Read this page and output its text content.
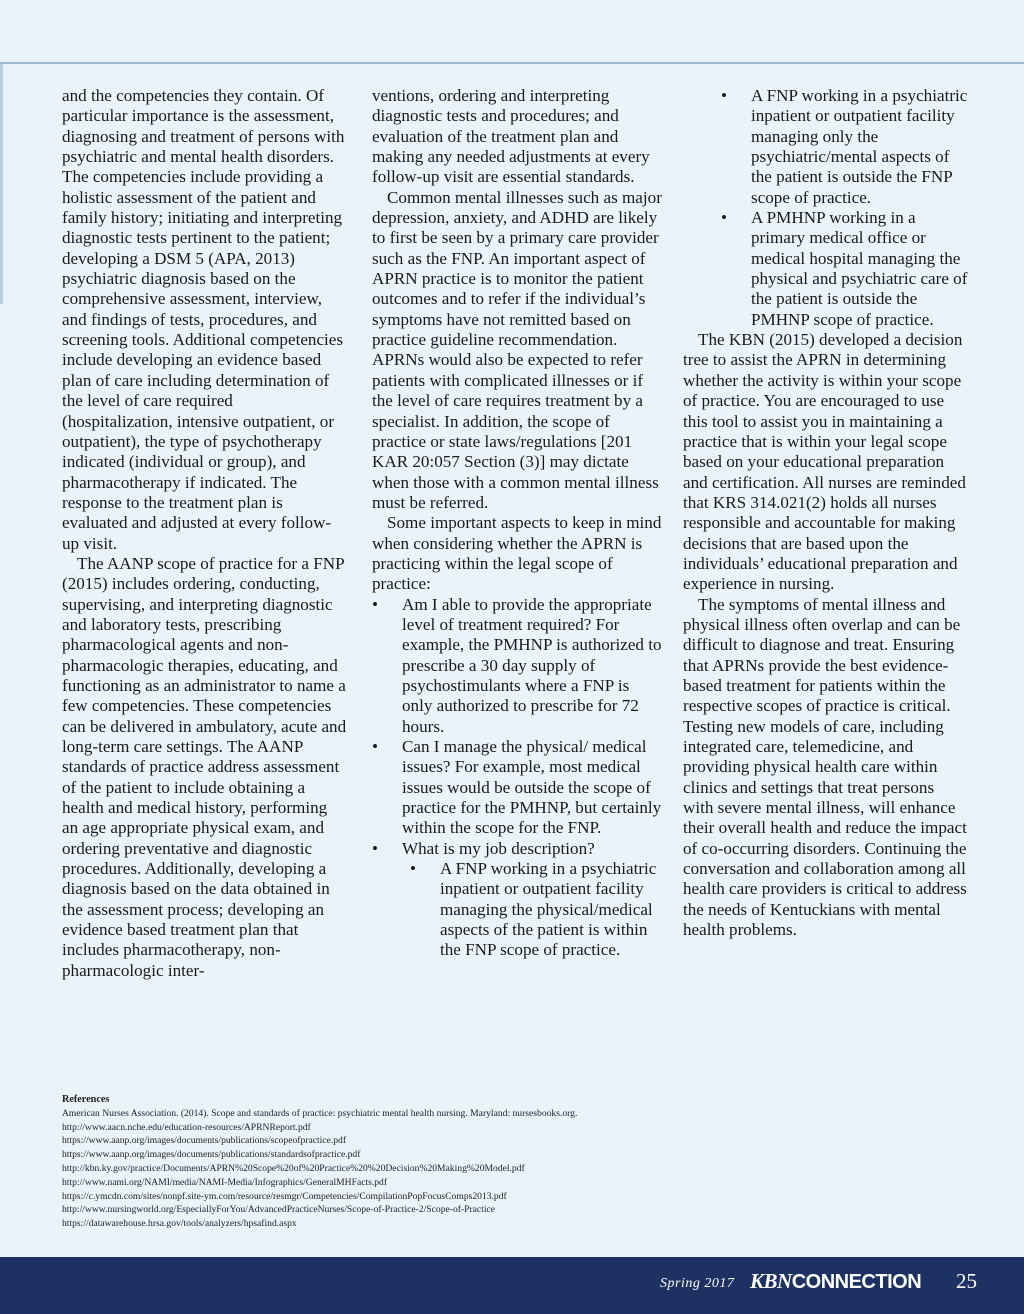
and the competencies they contain. Of particular importance is the assessment, diagnosing and treatment of persons with psychiatric and mental health disorders. The competencies include providing a holistic assessment of the patient and family history; initiating and interpreting diagnostic tests pertinent to the patient; developing a DSM 5 (APA, 2013) psychiatric diagnosis based on the comprehensive assessment, interview, and findings of tests, procedures, and screening tools. Additional competencies include developing an evidence based plan of care including determination of the level of care required (hospitalization, intensive outpatient, or outpatient), the type of psychotherapy indicated (individual or group), and pharmacotherapy if indicated. The response to the treatment plan is evaluated and adjusted at every follow-up visit.

The AANP scope of practice for a FNP (2015) includes ordering, conducting, supervising, and interpreting diagnostic and laboratory tests, prescribing pharmacological agents and non-pharmacologic therapies, educating, and functioning as an administrator to name a few competencies. These competencies can be delivered in ambulatory, acute and long-term care settings. The AANP standards of practice address assessment of the patient to include obtaining a health and medical history, performing an age appropriate physical exam, and ordering preventative and diagnostic procedures. Additionally, developing a diagnosis based on the data obtained in the assessment process; developing an evidence based treatment plan that includes pharmacotherapy, non-pharmacologic inter-

ventions, ordering and interpreting diagnostic tests and procedures; and evaluation of the treatment plan and making any needed adjustments at every follow-up visit are essential standards.

Common mental illnesses such as major depression, anxiety, and ADHD are likely to first be seen by a primary care provider such as the FNP. An important aspect of APRN practice is to monitor the patient outcomes and to refer if the individual’s symptoms have not remitted based on practice guideline recommendation. APRNs would also be expected to refer patients with complicated illnesses or if the level of care requires treatment by a specialist. In addition, the scope of practice or state laws/regulations [201 KAR 20:057 Section (3)] may dictate when those with a common mental illness must be referred.

Some important aspects to keep in mind when considering whether the APRN is practicing within the legal scope of practice:

• Am I able to provide the appropriate level of treatment required? For example, the PMHNP is authorized to prescribe a 30 day supply of psychostimulants where a FNP is only authorized to prescribe for 72 hours.
• Can I manage the physical/ medical issues? For example, most medical issues would be outside the scope of practice for the PMHNP, but certainly within the scope for the FNP.
• What is my job description?
• A FNP working in a psychiatric inpatient or outpatient facility managing the physical/medical aspects of the patient is within the FNP scope of practice.
• A FNP working in a psychiatric inpatient or outpatient facility managing only the psychiatric/mental aspects of the patient is outside the FNP scope of practice.
• A PMHNP working in a primary medical office or medical hospital managing the physical and psychiatric care of the patient is outside the PMHNP scope of practice.

The KBN (2015) developed a decision tree to assist the APRN in determining whether the activity is within your scope of practice. You are encouraged to use this tool to assist you in maintaining a practice that is within your legal scope based on your educational preparation and certification. All nurses are reminded that KRS 314.021(2) holds all nurses responsible and accountable for making decisions that are based upon the individuals’ educational preparation and experience in nursing.

The symptoms of mental illness and physical illness often overlap and can be difficult to diagnose and treat. Ensuring that APRNs provide the best evidence-based treatment for patients within the respective scopes of practice is critical. Testing new models of care, including integrated care, telemedicine, and providing physical health care within clinics and settings that treat persons with severe mental illness, will enhance their overall health and reduce the impact of co-occurring disorders. Continuing the conversation and collaboration among all health care providers is critical to address the needs of Kentuckians with mental health problems.

References
American Nurses Association. (2014). Scope and standards of practice: psychiatric mental health nursing. Maryland: nursesbooks.org.
http://www.aacn.nche.edu/education-resources/APRNReport.pdf
https://www.aanp.org/images/documents/publications/scopeofpractice.pdf
https://www.aanp.org/images/documents/publications/standardsofpractice.pdf
http://kbn.ky.gov/practice/Documents/APRN%20Scope%20of%20Practice%20%20Decision%20Making%20Model.pdf
http://www.nami.org/NAMI/media/NAMI-Media/Infographics/GeneralMHFacts.pdf
https://c.ymcdn.com/sites/nonpf.site-ym.com/resource/resmgr/Competencies/CompilationPopFocusComps2013.pdf
http://www.nursingworld.org/EspeciallyForYou/AdvancedPracticeNurses/Scope-of-Practice-2/Scope-of-Practice
https://datawarehouse.hrsa.gov/tools/analyzers/hpsafind.aspx
Spring 2017 KBNCONNECTION 25
